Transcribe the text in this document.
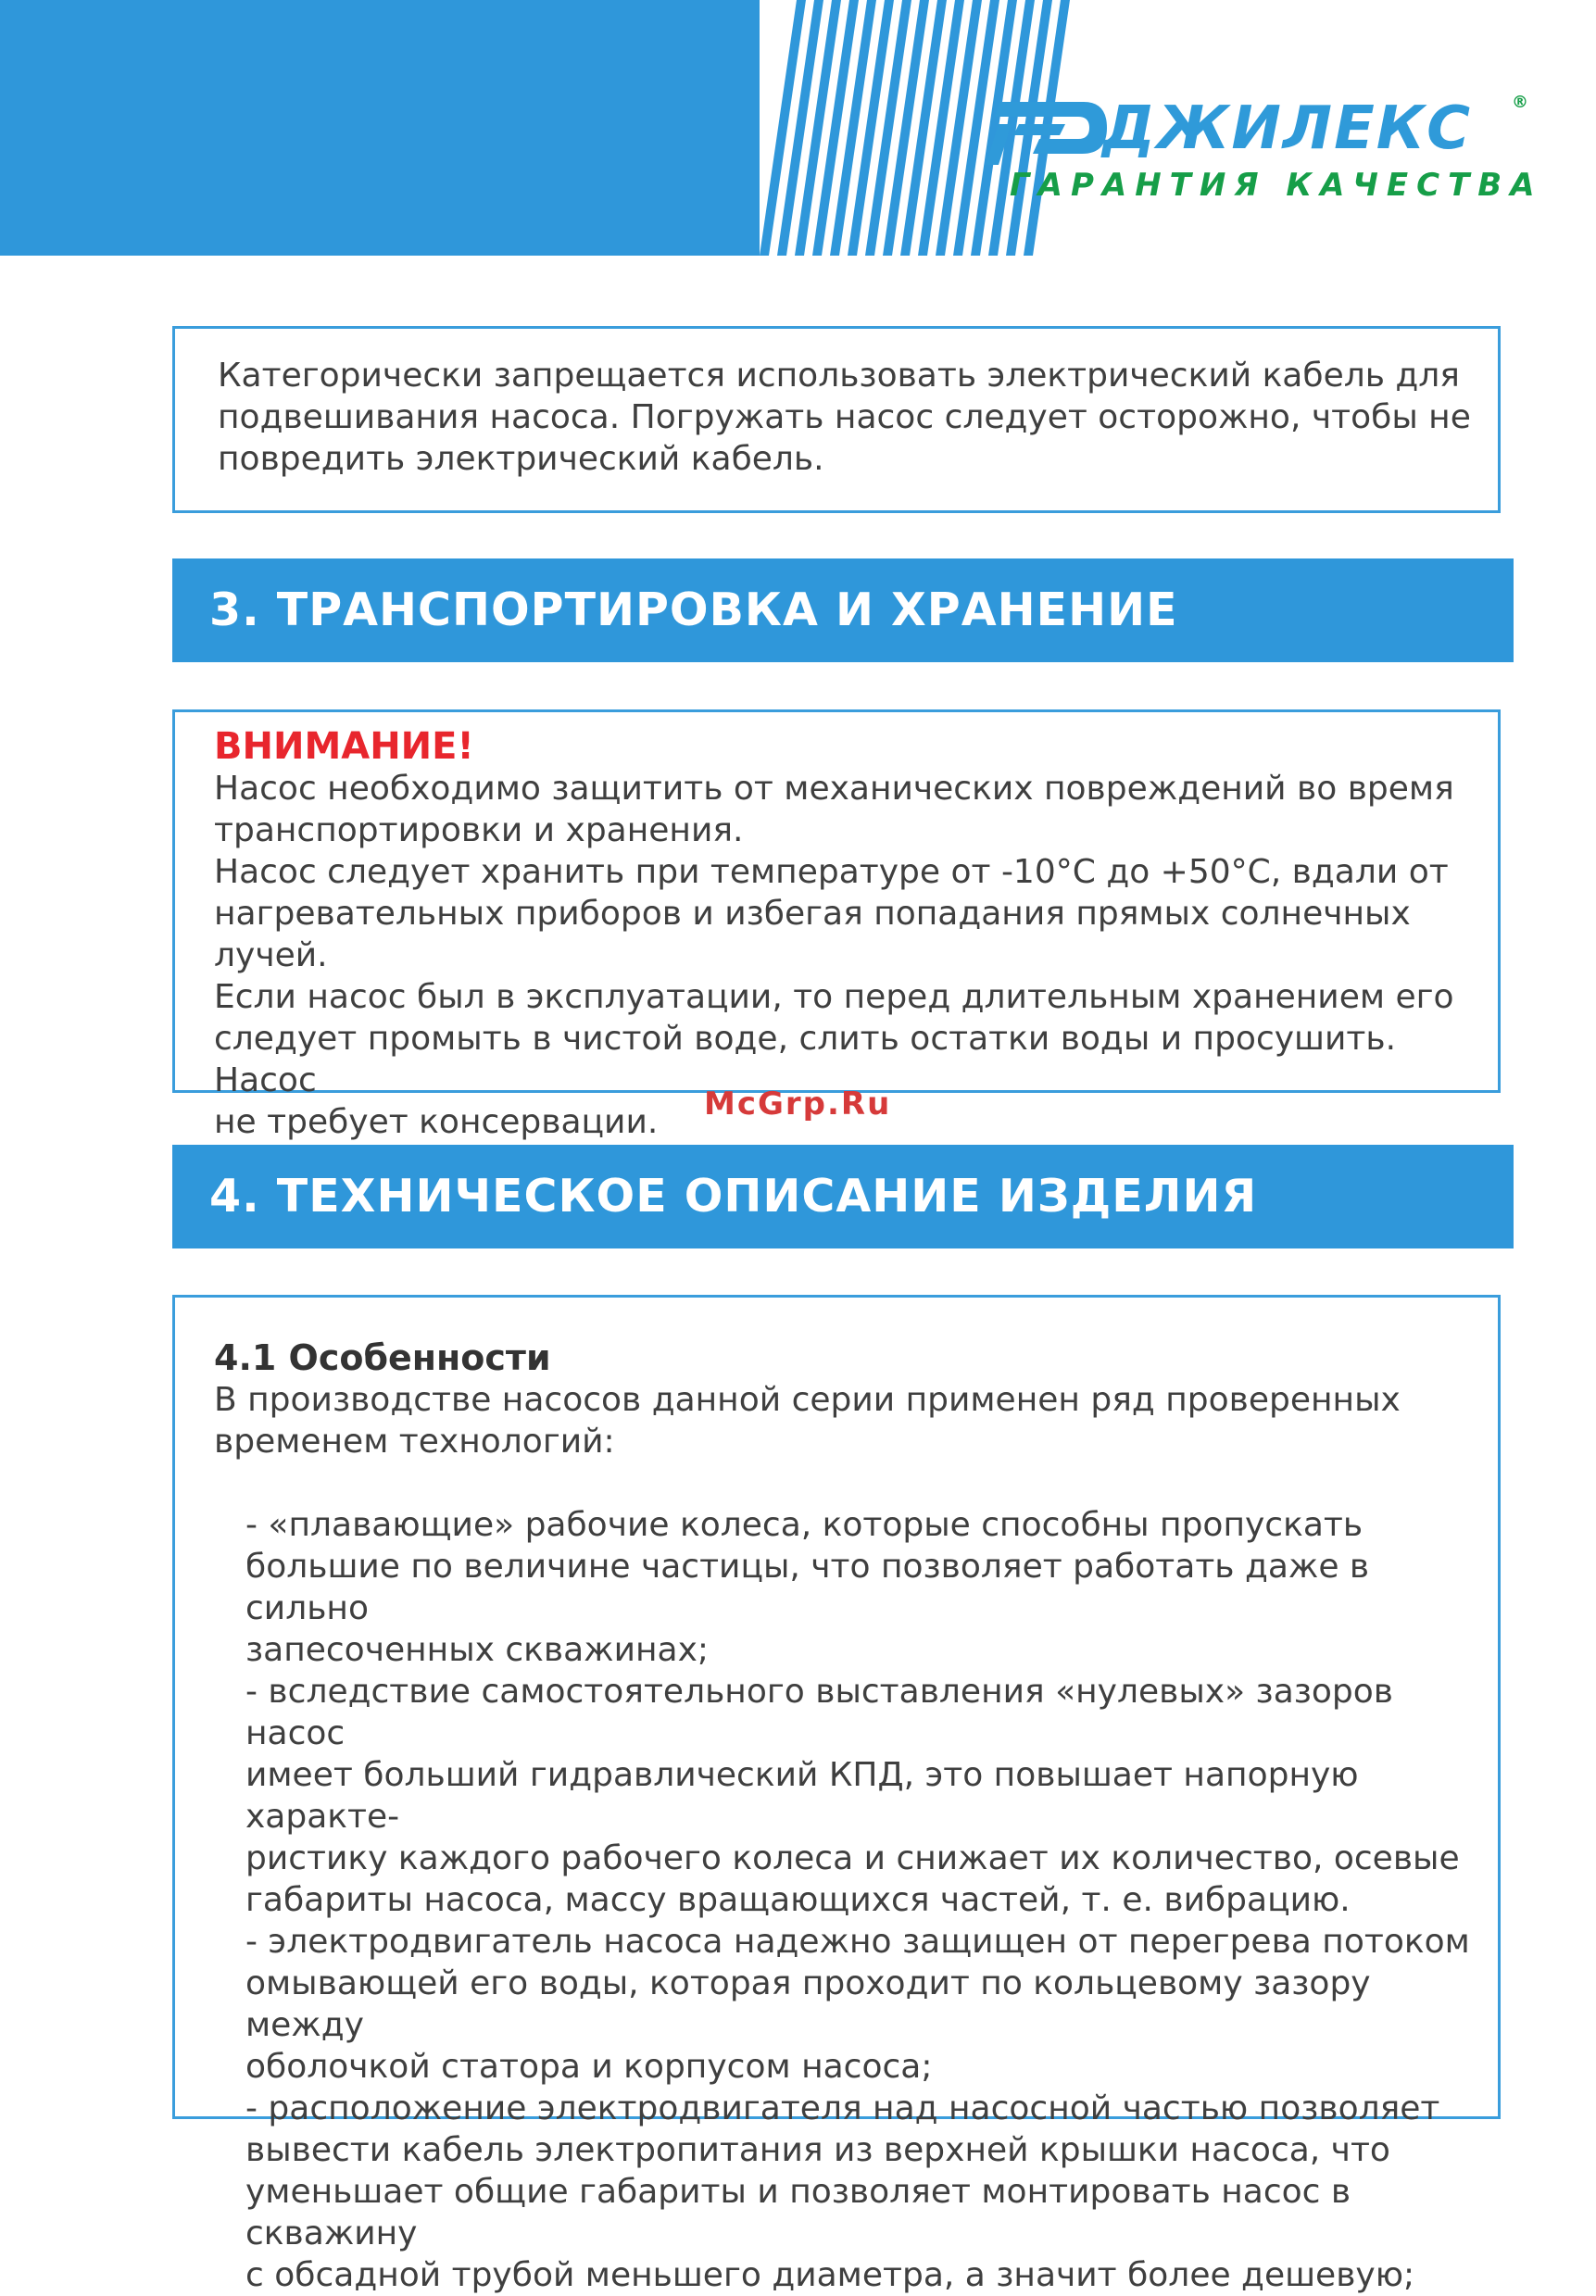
ДЖИЛЕКС ®
ГАРАНТИЯ КАЧЕСТВА
Категорически запрещается использовать электрический кабель для
подвешивания насоса. Погружать насос следует осторожно, чтобы не
повредить электрический кабель.
3. ТРАНСПОРТИРОВКА И ХРАНЕНИЕ
ВНИМАНИЕ!
Насос необходимо защитить от механических повреждений во время
транспортировки и хранения.
Насос следует хранить при температуре от -10°С до +50°С, вдали от
нагревательных приборов и избегая попадания прямых солнечных лучей.
Если насос был в эксплуатации, то перед длительным хранением его
следует промыть в чистой воде, слить остатки воды и просушить. Насос
не требует консервации.	McGrp.Ru
4. ТЕХНИЧЕСКОЕ ОПИСАНИЕ ИЗДЕЛИЯ
4.1 Особенности
В производстве насосов данной серии применен ряд проверенных
временем технологий:
- «плавающие» рабочие колеса, которые способны пропускать
большие по величине частицы, что позволяет работать даже в сильно
запесоченных скважинах;
- вследствие самостоятельного выставления «нулевых» зазоров насос
имеет больший гидравлический КПД, это повышает напорную характе-
ристику каждого рабочего колеса и снижает их количество, осевые
габариты насоса, массу вращающихся частей, т. е. вибрацию.
- электродвигатель насоса надежно защищен от перегрева потоком
омывающей его воды, которая проходит по кольцевому зазору между
оболочкой статора и корпусом насоса;
- расположение электродвигателя над насосной частью позволяет
вывести кабель электропитания из верхней крышки насоса, что
уменьшает общие габариты и позволяет монтировать насос в скважину
с обсадной трубой меньшего диаметра, а значит более дешевую;
